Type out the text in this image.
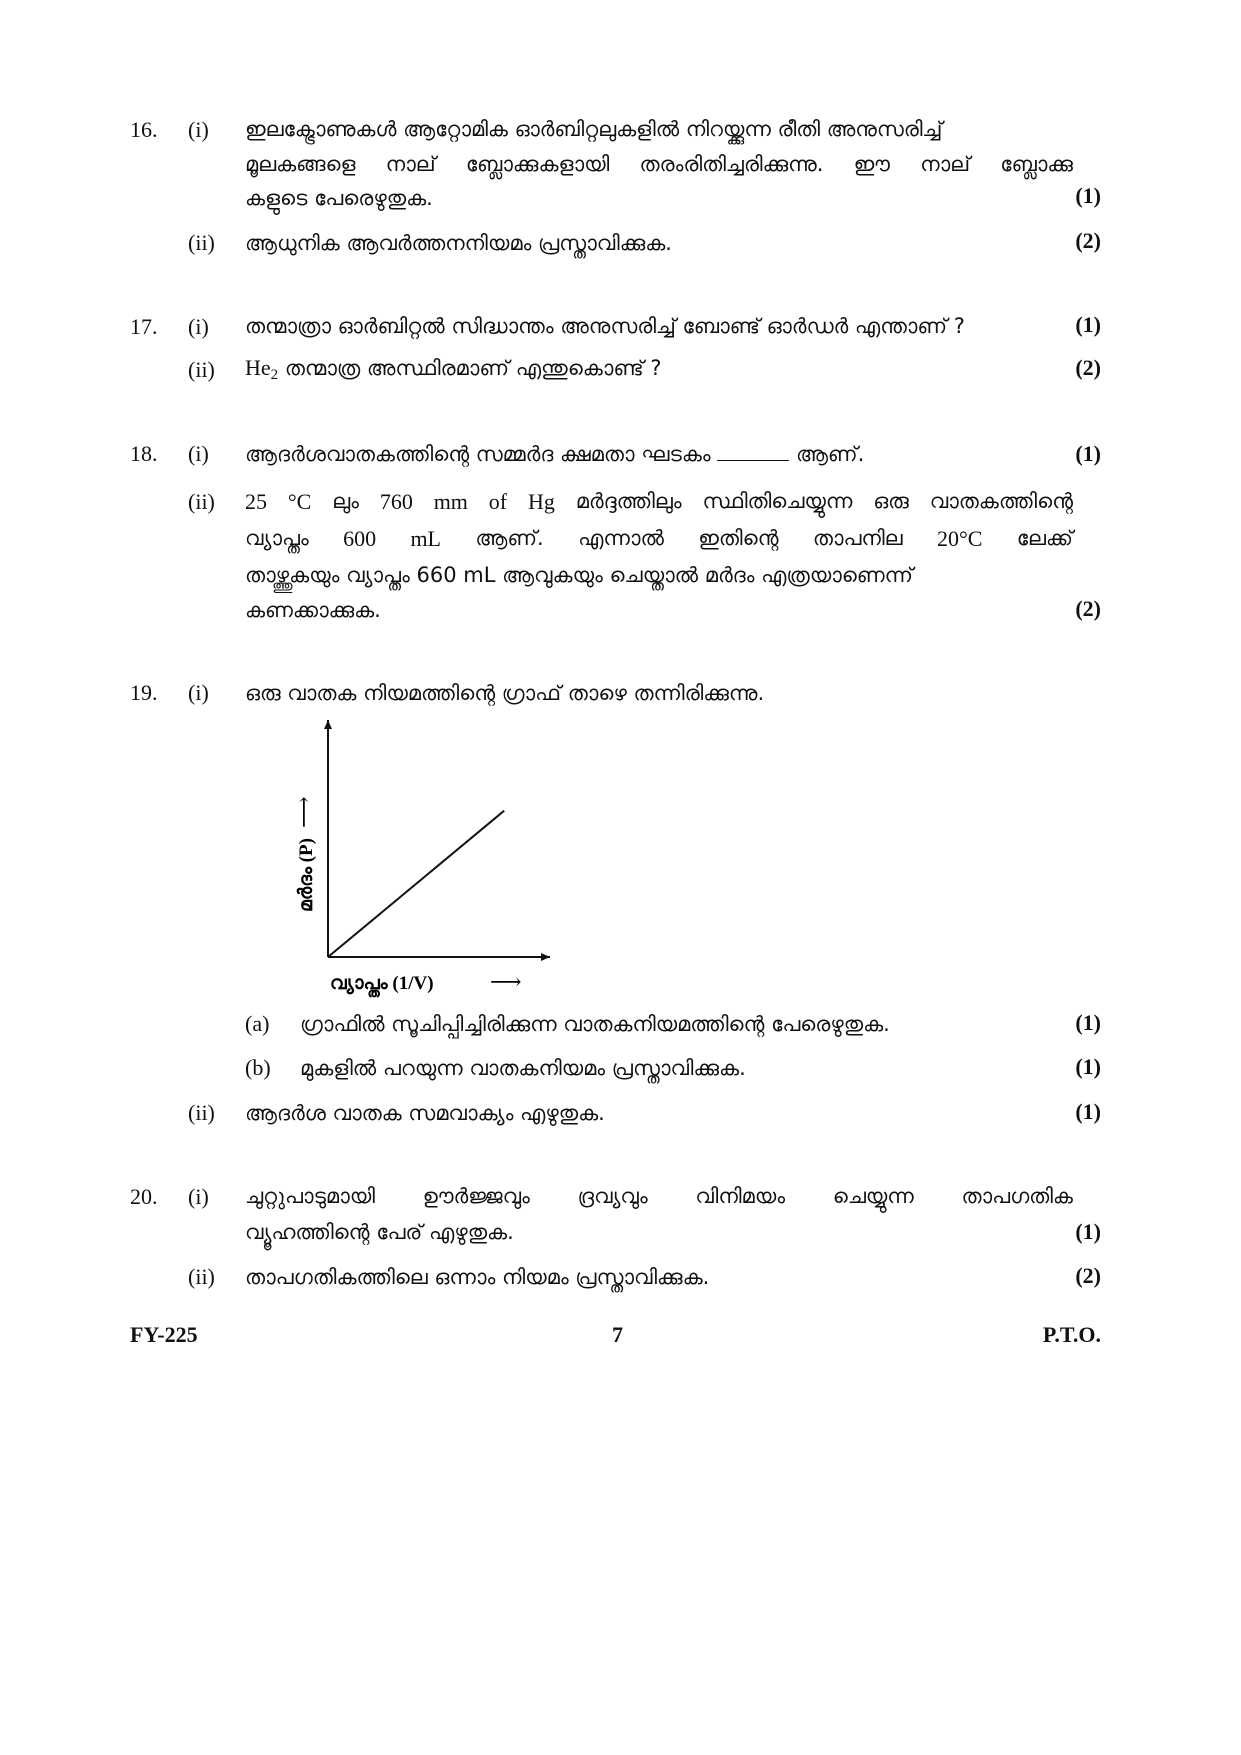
16. (i) ഇലക്ട്രോണുകൾ ആറ്റോമിക ഓർബിറ്റലുകളിൽ നിറയ്ക്കുന്ന രീതി അനുസരിച്ച്
മൂലകങ്ങളെ നാല് ബ്ലോക്കുകളായി തരംരിതിച്ചരിക്കുന്നു. ഈ നാല് ബ്ലോക്കു
കളുടെ പേരെഴുതുക.	(1)
(ii) ആധുനിക ആവർത്തനനിയമം പ്രസ്താവിക്കുക.	(2)
17. (i) തന്മാത്രാ ഓർബിറ്റൽ സിദ്ധാന്തം അനുസരിച്ച് ബോണ്ട് ഓർഡർ എന്താണ് ?	(1)
(ii) $He_2$ തന്മാത്ര അസ്ഥിരമാണ് എന്തുകൊണ്ട് ?	(2)
18. (i) ആദർശവാതകത്തിന്റെ സമ്മർദ ക്ഷമതാ ഘടകം	ആണ്.	(1)
(ii) 25 °C ലും 760 mm of Hg മർദ്ദത്തിലും സ്ഥിതിചെയ്യുന്ന ഒരു വാതകത്തിന്റെ
വ്യാപ്തം 600 mL ആണ്. എന്നാൽ ഇതിന്റെ താപനില 20°C ലേക്ക്
താഴ്ത്തുകയും വ്യാപ്തം 660 mL ആവുകയും ചെയ്താൽ മർദം എത്രയാണെന്ന്
കണക്കാക്കുക.	(2)
19. (i) ഒരു വാതക നിയമത്തിന്റെ ഗ്രാഫ് താഴെ തന്നിരിക്കുന്നു.
മർദം (P)
⟶
വ്യാപ്തം (1/V)	⟶
(a) ഗ്രാഫിൽ സൂചിപ്പിച്ചിരിക്കുന്ന വാതകനിയമത്തിന്റെ പേരെഴുതുക.	(1)
(b) മുകളിൽ പറയുന്ന വാതകനിയമം പ്രസ്താവിക്കുക.	(1)
(ii) ആദർശ വാതക സമവാക്യം എഴുതുക.	(1)
20. (i) ചുറ്റുപാടുമായി ഊർജ്ജവും ദ്രവ്യവും വിനിമയം ചെയ്യുന്ന താപഗതിക
വ്യൂഹത്തിന്റെ പേര് എഴുതുക.	(1)
(ii) താപഗതികത്തിലെ ഒന്നാം നിയമം പ്രസ്താവിക്കുക.	(2)
FY-225	7	P.T.O.
